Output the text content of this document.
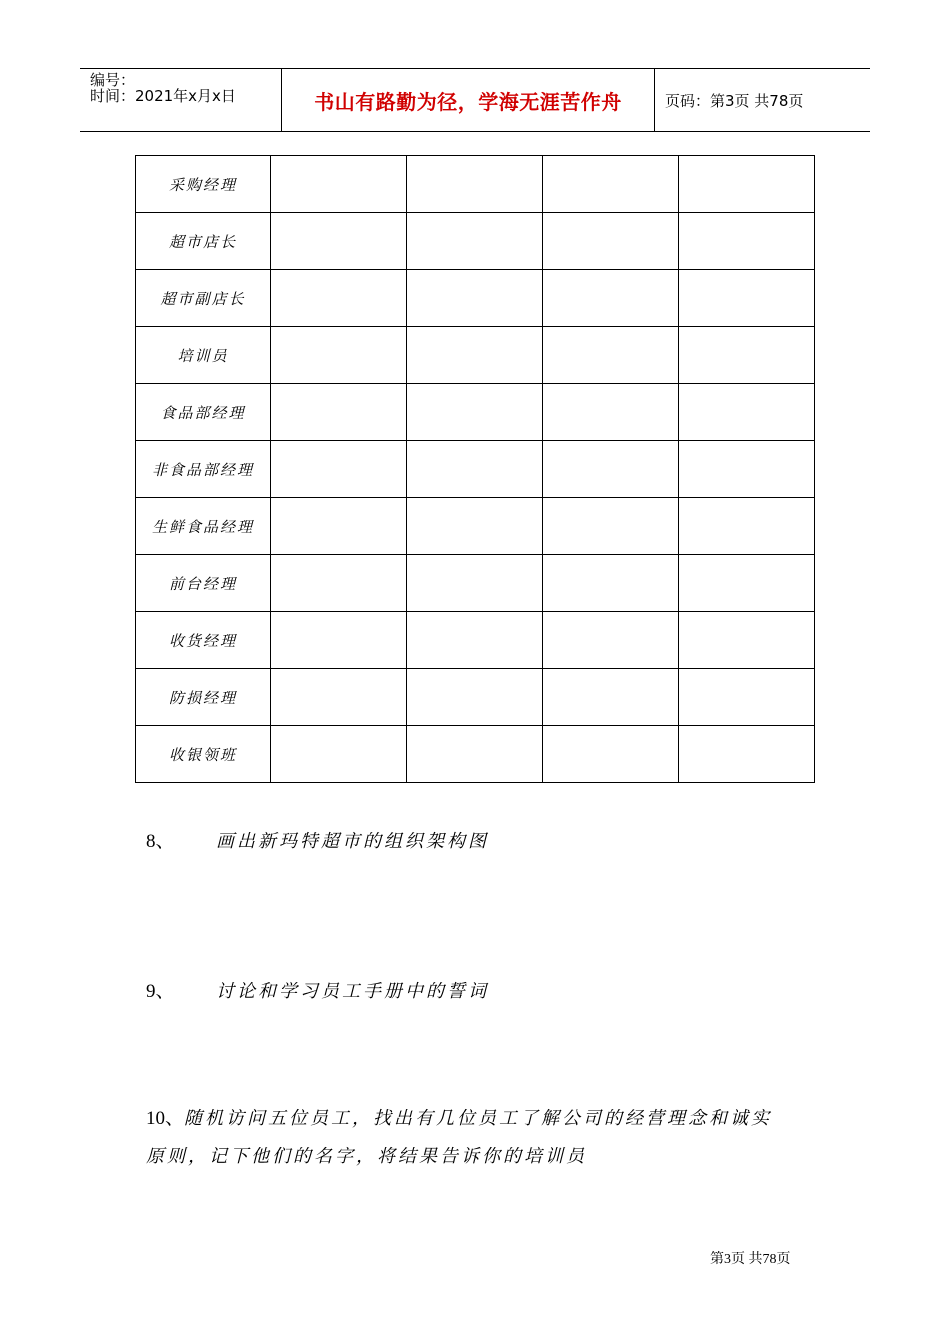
编号：
时间：2021年x月x日	书山有路勤为径，学海无涯苦作舟	页码：第3页 共78页
采购经理				
超市店长				
超市副店长				
培训员				
食品部经理				
非食品部经理				
生鲜食品经理				
前台经理				
收货经理				
防损经理				
收银领班				
8、 画出新玛特超市的组织架构图
9、 讨论和学习员工手册中的誓词
10、随机访问五位员工，找出有几位员工了解公司的经营理念和诚实
原则，记下他们的名字，将结果告诉你的培训员
第3页 共78页
